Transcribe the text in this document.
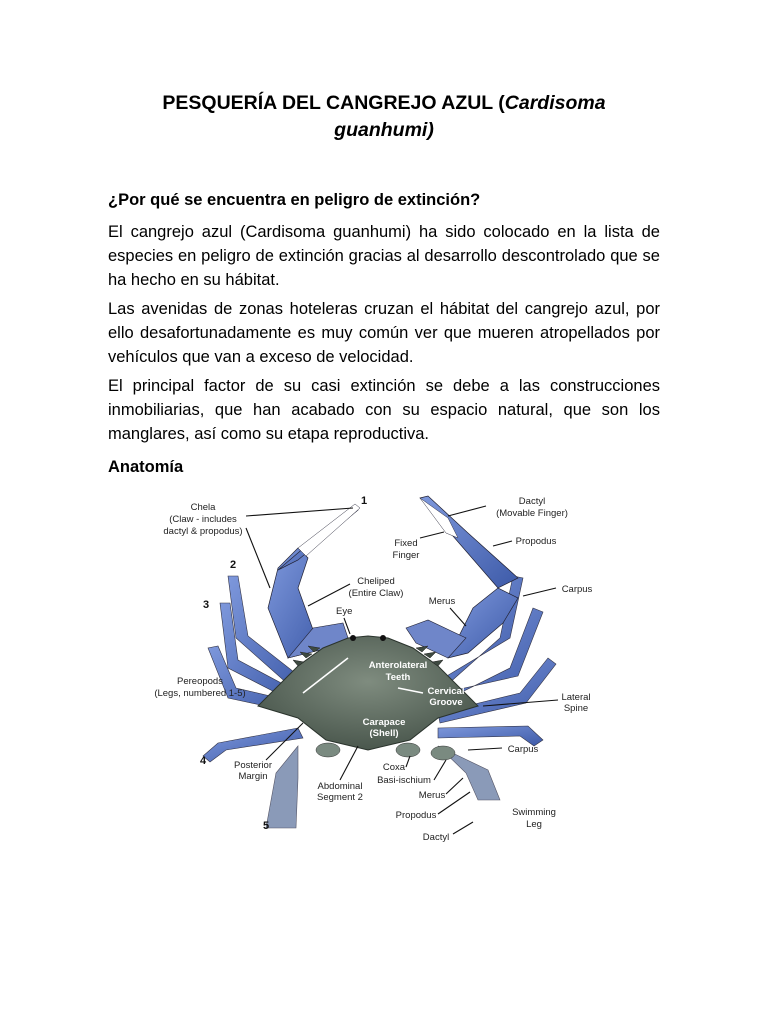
PESQUERÍA DEL CANGREJO AZUL (Cardisoma
guanhumi)
¿Por qué se encuentra en peligro de extinción?
El cangrejo azul (Cardisoma guanhumi) ha sido colocado en la lista de especies en peligro de extinción gracias al desarrollo descontrolado que se ha hecho en su hábitat.
Las avenidas de zonas hoteleras cruzan el hábitat del cangrejo azul, por ello desafortunadamente es muy común ver que mueren atropellados por vehículos que van a exceso de velocidad.
El principal factor de su casi extinción se debe a las construcciones inmobiliarias, que han acabado con su espacio natural, que son los manglares, así como su etapa reproductiva.
Anatomía
1
2
3
4
5
Chela
(Claw - includes
dactyl & propodus)
Cheliped
(Entire Claw)
Eye
Pereopods
(Legs, numbered 1-5)
Posterior
Margin
Abdominal
Segment 2
Coxa
Basi-ischium
Merus
Propodus
Dactyl
Dactyl
(Movable Finger)
Fixed
Finger
Propodus
Carpus
Merus
Lateral
Spine
Carpus
Swimming
Leg
Anterolateral
Teeth
Cervical
Groove
Carapace
(Shell)
